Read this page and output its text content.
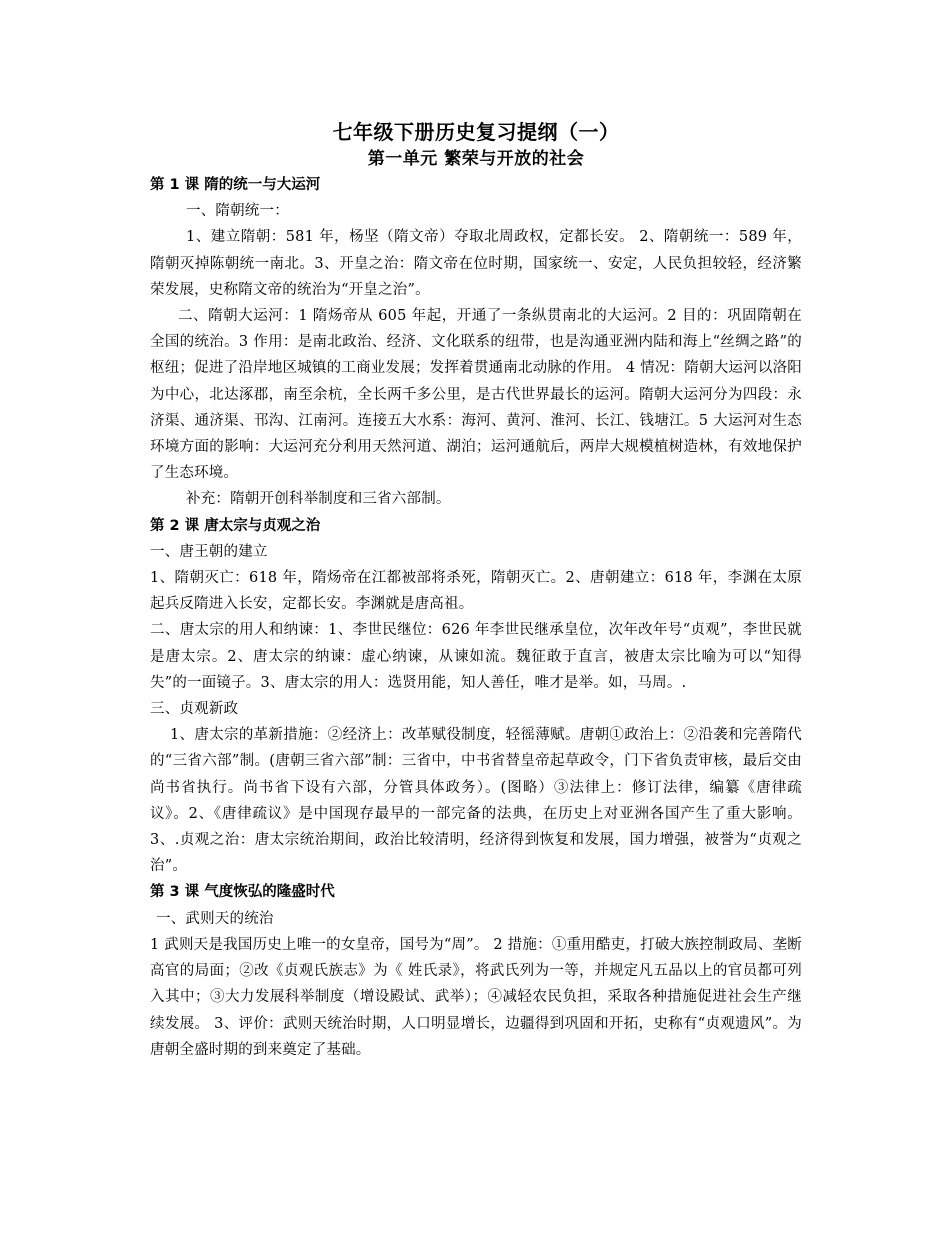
七年级下册历史复习提纲（一）
第一单元 繁荣与开放的社会
第 1 课 隋的统一与大运河

一、隋朝统一：

1、建立隋朝：581 年，杨坚（隋文帝）夺取北周政权，定都长安。 2、隋朝统一：589 年，隋朝灭掉陈朝统一南北。3、开皇之治：隋文帝在位时期，国家统一、安定，人民负担较轻，经济繁荣发展，史称隋文帝的统治为“开皇之治”。

二、隋朝大运河：1 隋炀帝从 605 年起，开通了一条纵贯南北的大运河。2 目的：巩固隋朝在全国的统治。3 作用：是南北政治、经济、文化联系的纽带，也是沟通亚洲内陆和海上“丝绸之路”的枢纽；促进了沿岸地区城镇的工商业发展；发挥着贯通南北动脉的作用。 4 情况：隋朝大运河以洛阳为中心，北达涿郡，南至余杭，全长两千多公里，是古代世界最长的运河。隋朝大运河分为四段：永济渠、通济渠、邗沟、江南河。连接五大水系：海河、黄河、淮河、长江、钱塘江。5 大运河对生态环境方面的影响：大运河充分利用天然河道、湖泊；运河通航后，两岸大规模植树造林，有效地保护了生态环境。

补充：隋朝开创科举制度和三省六部制。

第 2 课 唐太宗与贞观之治

一、唐王朝的建立

1、隋朝灭亡：618 年，隋炀帝在江都被部将杀死，隋朝灭亡。2、唐朝建立：618 年，李渊在太原起兵反隋进入长安，定都长安。李渊就是唐高祖。

二、唐太宗的用人和纳谏：1、李世民继位：626 年李世民继承皇位，次年改年号“贞观”，李世民就是唐太宗。2、唐太宗的纳谏：虚心纳谏，从谏如流。魏征敢于直言，被唐太宗比喻为可以“知得失”的一面镜子。3、唐太宗的用人：选贤用能，知人善任，唯才是举。如，马周。.

三、贞观新政

1、唐太宗的革新措施：②经济上：改革赋役制度，轻徭薄赋。唐朝①政治上：②沿袭和完善隋代的“三省六部”制。(唐朝三省六部”制：三省中，中书省替皇帝起草政令，门下省负责审核，最后交由尚书省执行。尚书省下设有六部，分管具体政务）。(图略）③法律上：修订法律，编纂《唐律疏议》。2、《唐律疏议》是中国现存最早的一部完备的法典，在历史上对亚洲各国产生了重大影响。3、.贞观之治：唐太宗统治期间，政治比较清明，经济得到恢复和发展，国力增强，被誉为“贞观之治”。

第 3 课 气度恢弘的隆盛时代

一、武则天的统治

1 武则天是我国历史上唯一的女皇帝，国号为“周”。 2 措施：①重用酷吏，打破大族控制政局、垄断高官的局面；②改《贞观氏族志》为《 姓氏录》，将武氏列为一等，并规定凡五品以上的官员都可列入其中；③大力发展科举制度（增设殿试、武举）；④减轻农民负担，采取各种措施促进社会生产继续发展。 3、评价：武则天统治时期，人口明显增长，边疆得到巩固和开拓，史称有“贞观遗风”。为唐朝全盛时期的到来奠定了基础。
